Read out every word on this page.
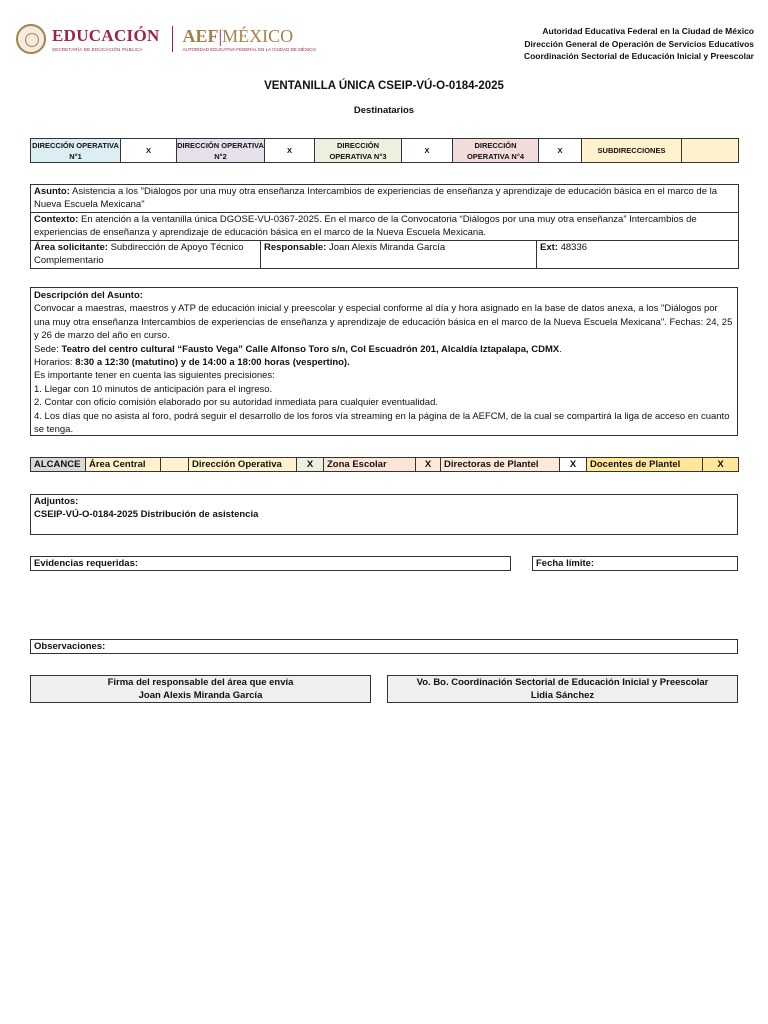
EDUCACIÓN
SECRETARÍA DE EDUCACIÓN PÚBLICA
AEF|MÉXICO
AUTORIDAD EDUCATIVA FEDERAL EN LA CIUDAD DE MÉXICO
Autoridad Educativa Federal en la Ciudad de México
Dirección General de Operación de Servicios Educativos
Coordinación Sectorial de Educación Inicial y Preescolar
VENTANILLA ÚNICA CSEIP-VÚ-O-0184-2025
Destinatarios
DIRECCIÓN OPERATIVA N°1	X	DIRECCIÓN OPERATIVA N°2	X	DIRECCIÓN OPERATIVA N°3	X	DIRECCIÓN OPERATIVA N°4	X	SUBDIRECCIONES	
Asunto: Asistencia a los "Diálogos por una muy otra enseñanza Intercambios de experiencias de enseñanza y aprendizaje de educación básica en el marco de la Nueva Escuela Mexicana"
Contexto: En atención a la ventanilla única DGOSE-VU-0367-2025. En el marco de la Convocatoria “Diálogos por una muy otra enseñanza” Intercambios de experiencias de enseñanza y aprendizaje de educación básica en el marco de la Nueva Escuela Mexicana.
Área solicitante: Subdirección de Apoyo Técnico Complementario	Responsable: Joan Alexis Miranda García	Ext: 48336

Descripción del Asunto:

Convocar a maestras, maestros y ATP de educación inicial y preescolar y especial conforme al día y hora asignado en la base de datos anexa, a los "Diálogos por una muy otra enseñanza Intercambios de experiencias de enseñanza y aprendizaje de educación básica en el marco de la Nueva Escuela Mexicana". Fechas: 24, 25 y 26 de marzo del año en curso.

Sede: Teatro del centro cultural “Fausto Vega” Calle Alfonso Toro s/n, Col Escuadrón 201, Alcaldía Iztapalapa, CDMX.

Horarios: 8:30 a 12:30 (matutino) y de 14:00 a 18:00 horas (vespertino).

Es importante tener en cuenta las siguientes precisiones:

1. Llegar con 10 minutos de anticipación para el ingreso.

2. Contar con oficio comisión elaborado por su autoridad inmediata para cualquier eventualidad.

4. Los días que no asista al foro, podrá seguir el desarrollo de los foros vía streaming en la página de la AEFCM, de la cual se compartirá la liga de acceso en cuanto se tenga.

ALCANCE	Área Central		Dirección Operativa	X	Zona Escolar	X	Directoras de Plantel	X	Docentes de Plantel	X
Adjuntos:
CSEIP-VÚ-O-0184-2025 Distribución de asistencia
Evidencias requeridas:	Fecha límite:
Observaciones:
Firma del responsable del área que envía
Joan Alexis Miranda García
Vo. Bo. Coordinación Sectorial de Educación Inicial y Preescolar
Lidia Sánchez
